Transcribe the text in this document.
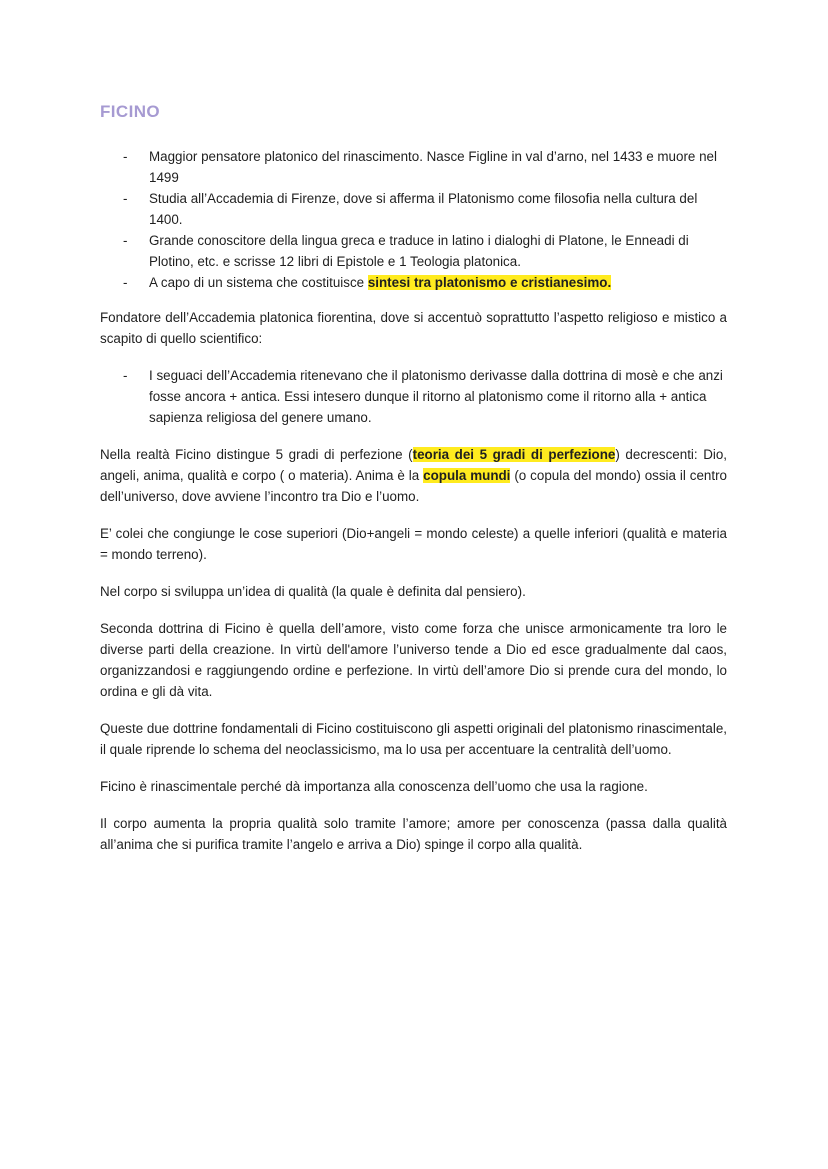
FICINO
- Maggior pensatore platonico del rinascimento. Nasce Figline in val d’arno, nel 1433 e muore nel 1499
- Studia all’Accademia di Firenze, dove si afferma il Platonismo come filosofia nella cultura del 1400.
- Grande conoscitore della lingua greca e traduce in latino i dialoghi di Platone, le Enneadi di Plotino, etc. e scrisse 12 libri di Epistole e 1 Teologia platonica.
- A capo di un sistema che costituisce sintesi tra platonismo e cristianesimo.

Fondatore dell’Accademia platonica fiorentina, dove si accentuò soprattutto l’aspetto religioso e mistico a scapito di quello scientifico:

- I seguaci dell’Accademia ritenevano che il platonismo derivasse dalla dottrina di mosè e che anzi fosse ancora + antica. Essi intesero dunque il ritorno al platonismo come il ritorno alla + antica sapienza religiosa del genere umano.

Nella realtà Ficino distingue 5 gradi di perfezione (teoria dei 5 gradi di perfezione) decrescenti: Dio, angeli, anima, qualità e corpo ( o materia). Anima è la copula mundi (o copula del mondo) ossia il centro dell’universo, dove avviene l’incontro tra Dio e l’uomo.

E’ colei che congiunge le cose superiori (Dio+angeli = mondo celeste) a quelle inferiori (qualità e materia = mondo terreno).

Nel corpo si sviluppa un’idea di qualità (la quale è definita dal pensiero).

Seconda dottrina di Ficino è quella dell’amore, visto come forza che unisce armonicamente tra loro le diverse parti della creazione. In virtù dell'amore l’universo tende a Dio ed esce gradualmente dal caos, organizzandosi e raggiungendo ordine e perfezione. In virtù dell’amore Dio si prende cura del mondo, lo ordina e gli dà vita.

Queste due dottrine fondamentali di Ficino costituiscono gli aspetti originali del platonismo rinascimentale, il quale riprende lo schema del neoclassicismo, ma lo usa per accentuare la centralità dell’uomo.

Ficino è rinascimentale perché dà importanza alla conoscenza dell’uomo che usa la ragione.

Il corpo aumenta la propria qualità solo tramite l’amore; amore per conoscenza (passa dalla qualità all’anima che si purifica tramite l’angelo e arriva a Dio) spinge il corpo alla qualità.
